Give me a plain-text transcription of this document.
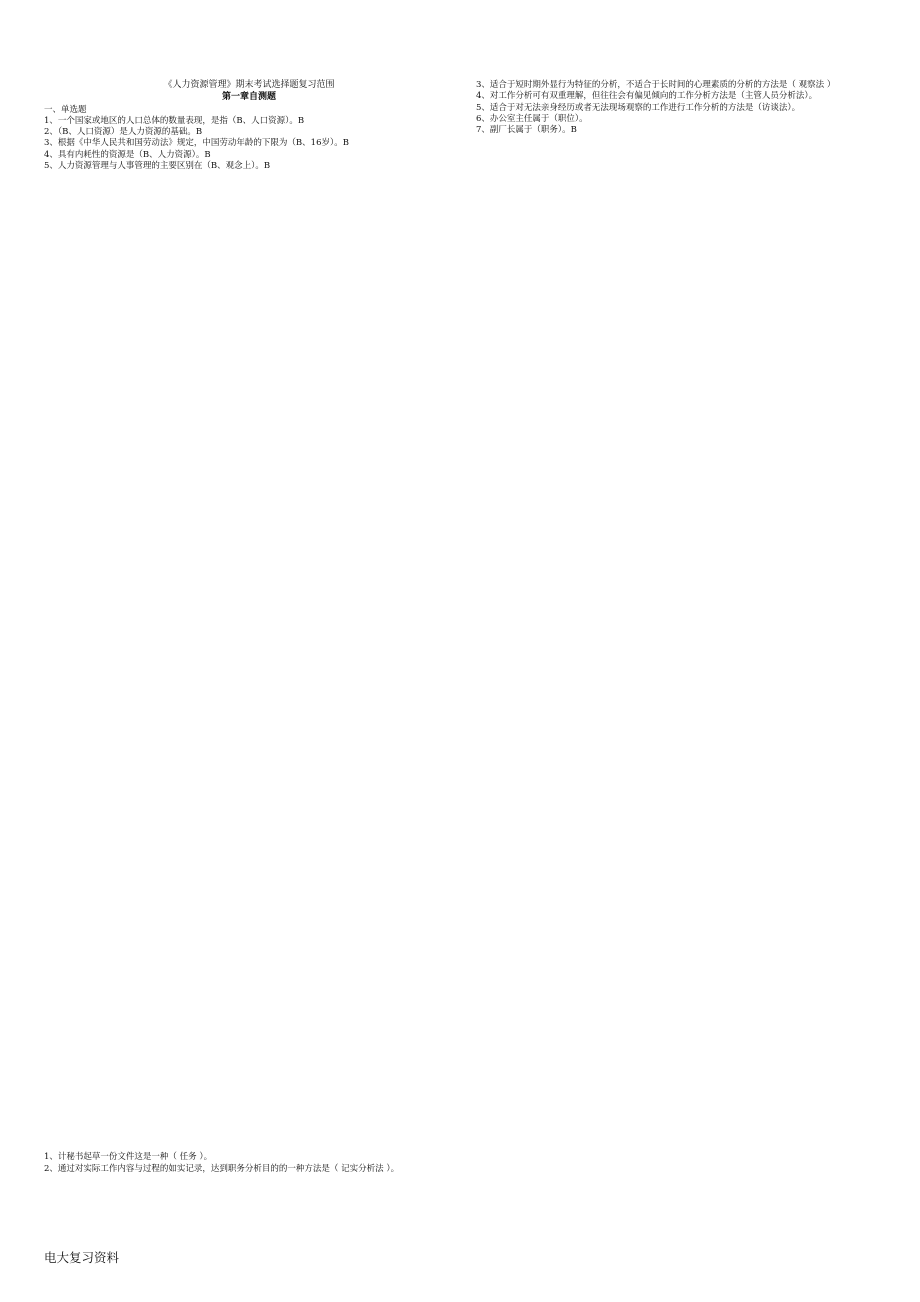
《人力资源管理》期末考试选择题复习范围
第一章自测题
一、单选题

1、一个国家或地区的人口总体的数量表现，是指（B、人口资源）。B

2、（B、人口资源）是人力资源的基础。B

3、根据《中华人民共和国劳动法》规定，中国劳动年龄的下限为（B、16岁）。B

4、具有内耗性的资源是（B、人力资源）。B

5、人力资源管理与人事管理的主要区别在（B、观念上）。B

1、计秘书起草一份文件这是一种（ 任务 ）。

2、通过对实际工作内容与过程的如实记录，达到职务分析目的的一种方法是（ 记实分析法 ）。

3、适合于短时期外显行为特征的分析，不适合于长时间的心理素质的分析的方法是（ 观察法 ）

4、对工作分析可有双重理解，但往往会有偏见倾向的工作分析方法是（主管人员分析法）。

5、适合于对无法亲身经历或者无法现场观察的工作进行工作分析的方法是（访谈法）。

6、办公室主任属于（职位）。

7、副厂长属于（职务）。B

电大复习资料
